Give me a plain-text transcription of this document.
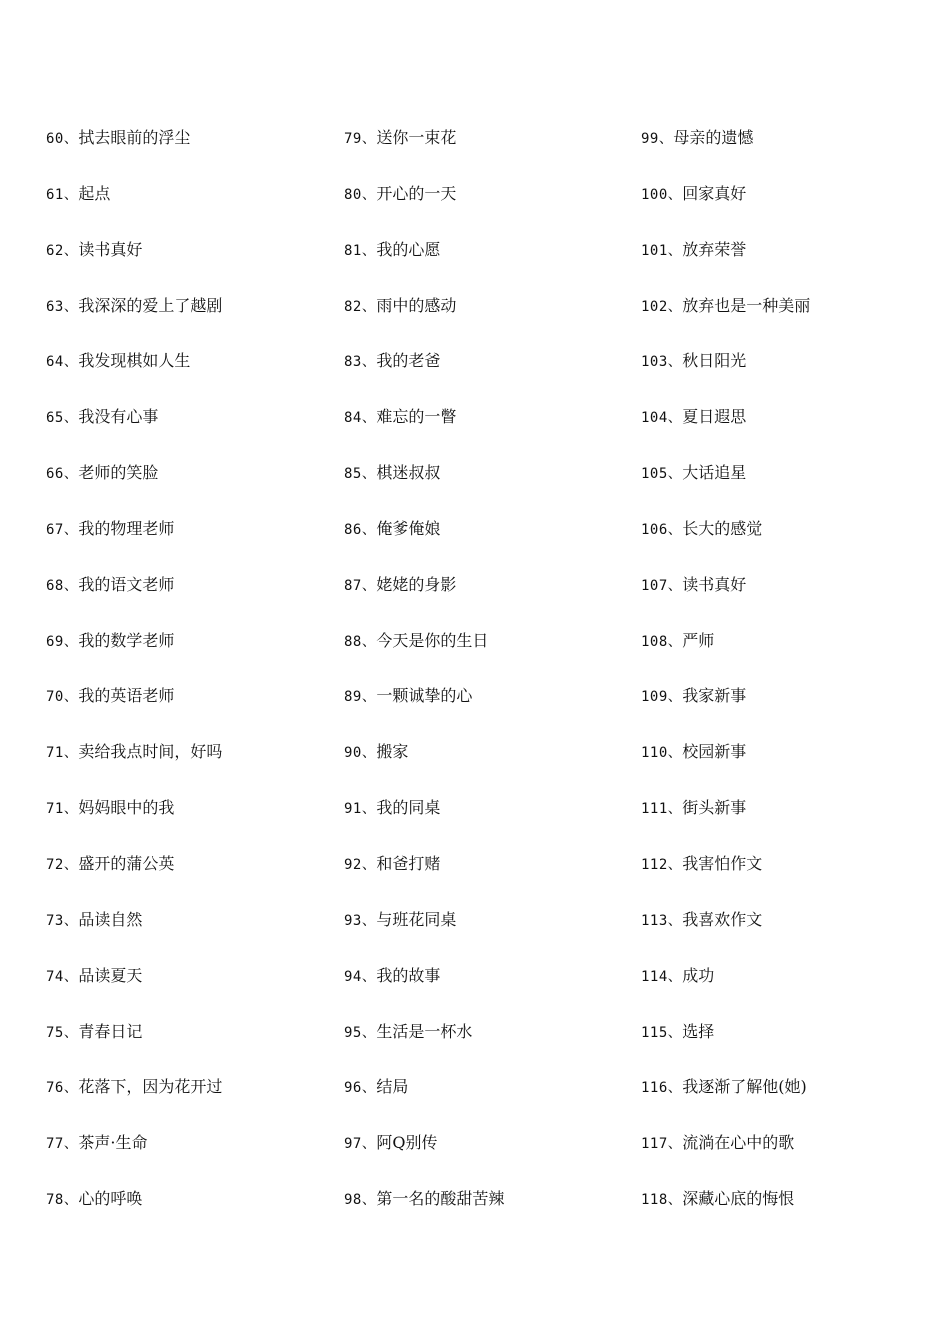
60、拭去眼前的浮尘
61、起点
62、读书真好
63、我深深的爱上了越剧
64、我发现棋如人生
65、我没有心事
66、老师的笑脸
67、我的物理老师
68、我的语文老师
69、我的数学老师
70、我的英语老师
71、卖给我点时间，好吗
71、妈妈眼中的我
72、盛开的蒲公英
73、品读自然
74、品读夏天
75、青春日记
76、花落下，因为花开过
77、茶声·生命
78、心的呼唤
79、送你一束花
80、开心的一天
81、我的心愿
82、雨中的感动
83、我的老爸
84、难忘的一瞥
85、棋迷叔叔
86、俺爹俺娘
87、姥姥的身影
88、今天是你的生日
89、一颗诚挚的心
90、搬家
91、我的同桌
92、和爸打赌
93、与班花同桌
94、我的故事
95、生活是一杯水
96、结局
97、阿Q别传
98、第一名的酸甜苦辣
99、母亲的遗憾
100、回家真好
101、放弃荣誉
102、放弃也是一种美丽
103、秋日阳光
104、夏日遐思
105、大话追星
106、长大的感觉
107、读书真好
108、严师
109、我家新事
110、校园新事
111、街头新事
112、我害怕作文
113、我喜欢作文
114、成功
115、选择
116、我逐渐了解他(她)
117、流淌在心中的歌
118、深藏心底的悔恨
